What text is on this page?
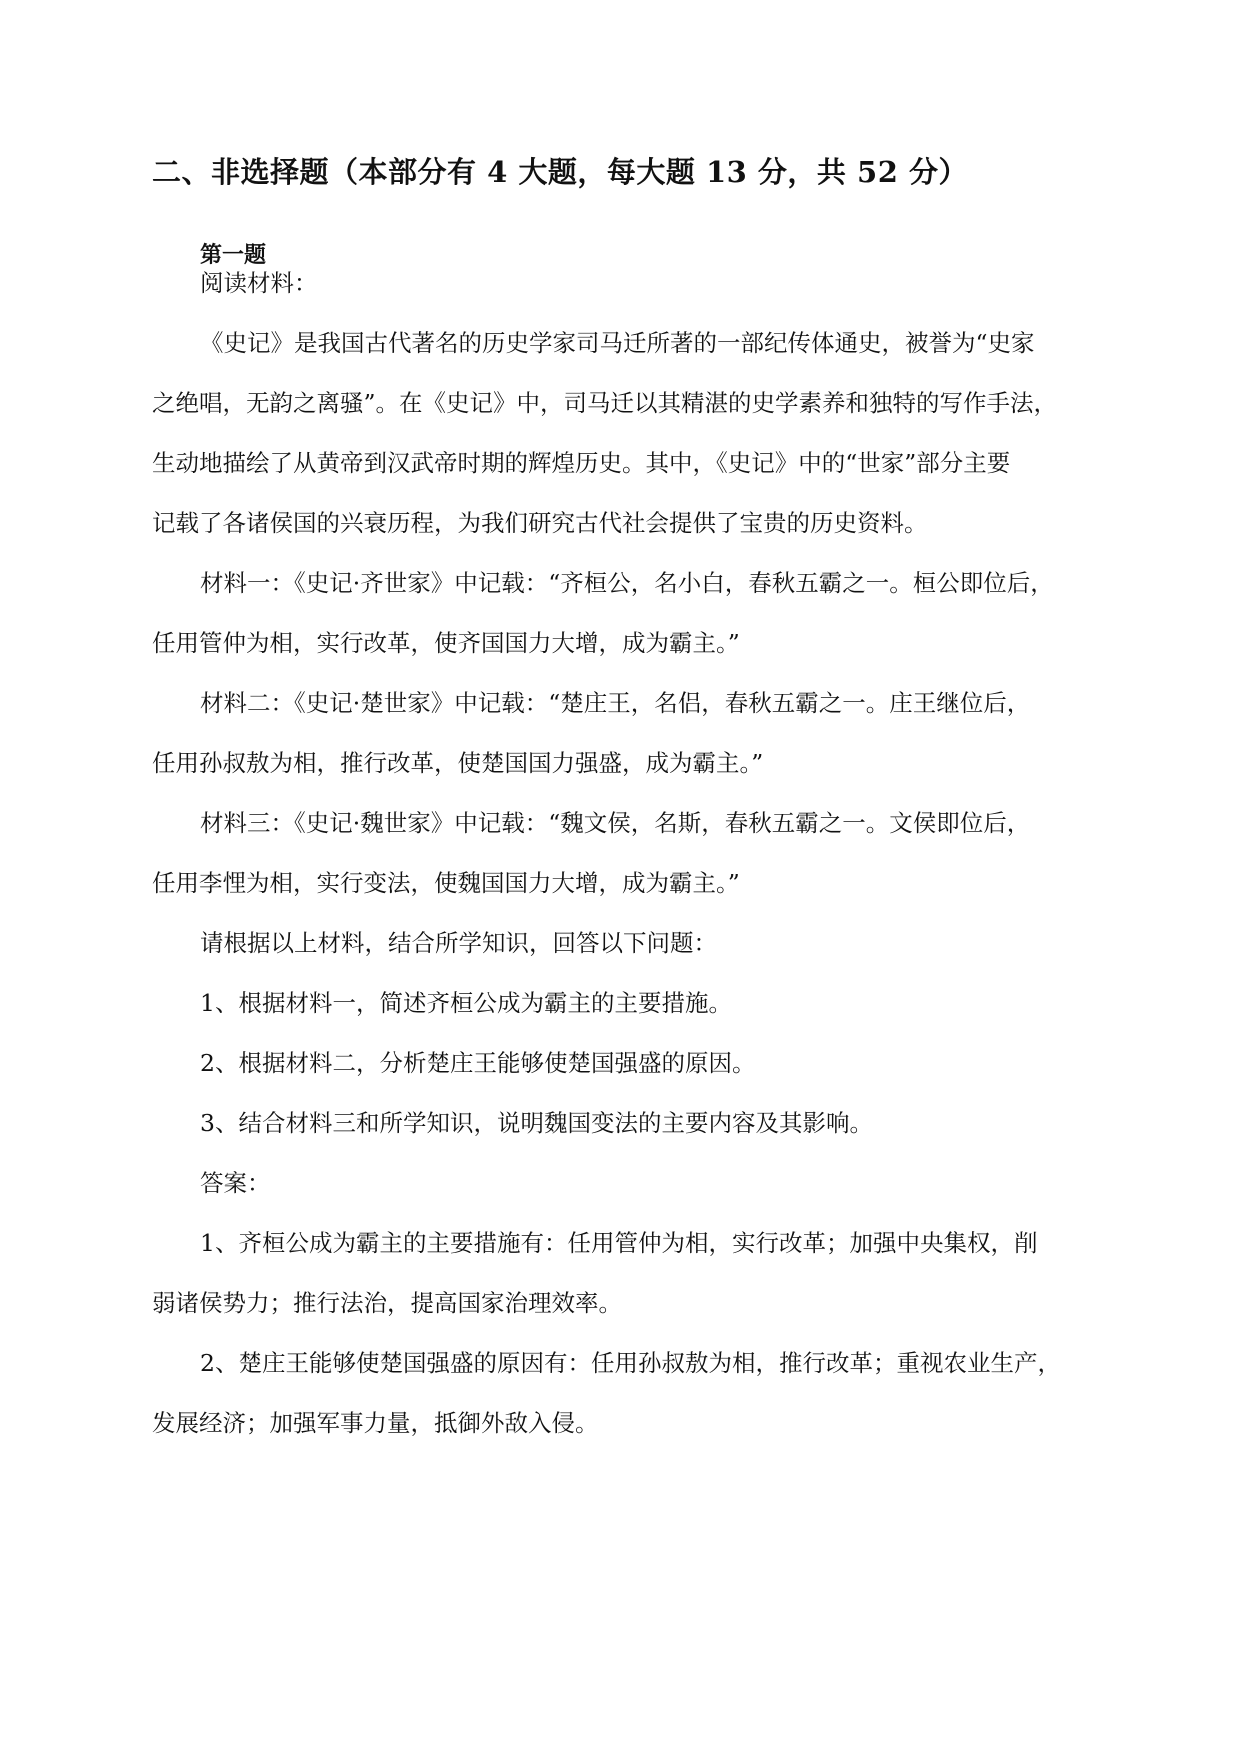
二、非选择题（本部分有 4 大题，每大题 13 分，共 52 分）
第一题

阅读材料：

《史记》是我国古代著名的历史学家司马迁所著的一部纪传体通史，被誉为“史家

之绝唱，无韵之离骚”。在《史记》中，司马迁以其精湛的史学素养和独特的写作手法，

生动地描绘了从黄帝到汉武帝时期的辉煌历史。其中，《史记》中的“世家”部分主要

记载了各诸侯国的兴衰历程，为我们研究古代社会提供了宝贵的历史资料。

材料一：《史记·齐世家》中记载：“齐桓公，名小白，春秋五霸之一。桓公即位后，

任用管仲为相，实行改革，使齐国国力大增，成为霸主。”

材料二：《史记·楚世家》中记载：“楚庄王，名侣，春秋五霸之一。庄王继位后，

任用孙叔敖为相，推行改革，使楚国国力强盛，成为霸主。”

材料三：《史记·魏世家》中记载：“魏文侯，名斯，春秋五霸之一。文侯即位后，

任用李悝为相，实行变法，使魏国国力大增，成为霸主。”

请根据以上材料，结合所学知识，回答以下问题：

1、根据材料一，简述齐桓公成为霸主的主要措施。

2、根据材料二，分析楚庄王能够使楚国强盛的原因。

3、结合材料三和所学知识，说明魏国变法的主要内容及其影响。

答案：

1、齐桓公成为霸主的主要措施有：任用管仲为相，实行改革；加强中央集权，削

弱诸侯势力；推行法治，提高国家治理效率。

2、楚庄王能够使楚国强盛的原因有：任用孙叔敖为相，推行改革；重视农业生产，

发展经济；加强军事力量，抵御外敌入侵。
